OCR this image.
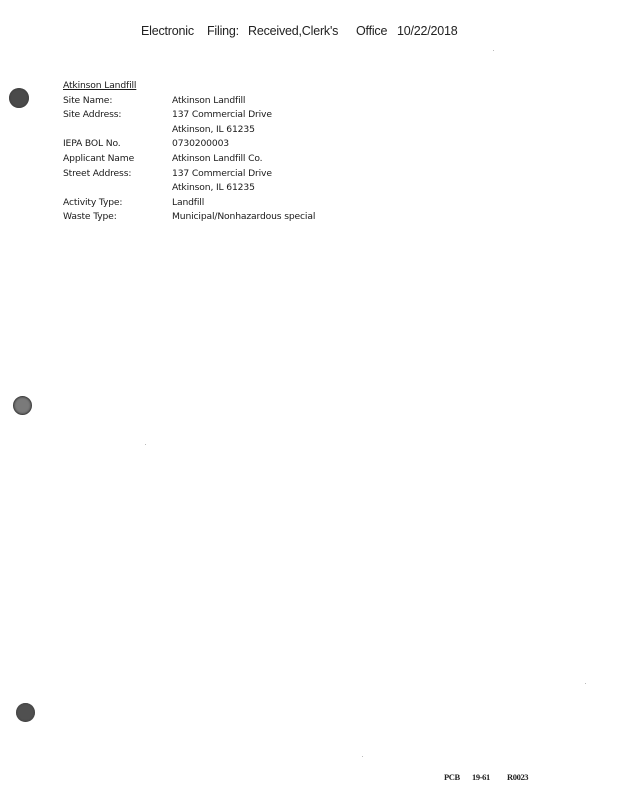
Electronic Filing: Received,Clerk's Office 10/22/2018
Atkinson Landfill
Site Name:	Atkinson Landfill
Site Address:	137 Commercial Drive
Atkinson, IL 61235
IEPA BOL No.	0730200003
Applicant Name	Atkinson Landfill Co.
Street Address:	137 Commercial Drive
Atkinson, IL 61235
Activity Type:	Landfill
Waste Type:	Municipal/Nonhazardous special
PCB 19-61 R0023
